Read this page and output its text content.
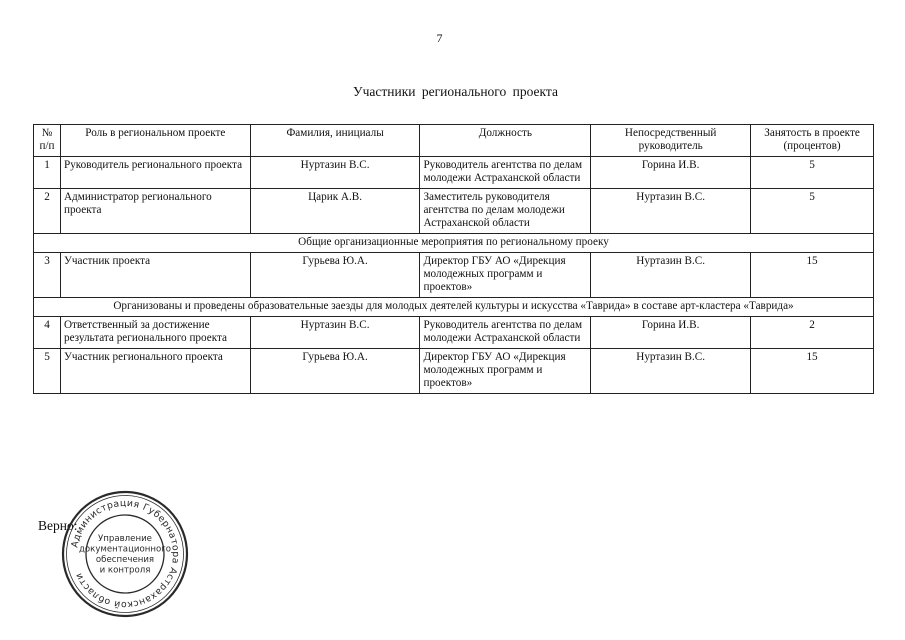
7
Участники регионального проекта
№ п/п	Роль в региональном проекте	Фамилия, инициалы	Должность	Непосредственный руководитель	Занятость в проекте (процентов)
1	Руководитель регионального проекта	Нуртазин В.С.	Руководитель агентства по делам молодежи Астраханской области	Горина И.В.	5
2	Администратор регионального проекта	Царик А.В.	Заместитель руководителя агентства по делам молодежи Астраханской области	Нуртазин В.С.	5
Общие организационные мероприятия по региональному проеку					
3	Участник проекта	Гурьева Ю.А.	Директор ГБУ АО «Дирекция молодежных программ и проектов»	Нуртазин В.С.	15
Организованы и проведены образовательные заезды для молодых деятелей культуры и искусства «Таврида» в составе арт-кластера «Таврида»					
4	Ответственный за достижение результата регионального проекта	Нуртазин В.С.	Руководитель агентства по делам молодежи Астраханской области	Горина И.В.	2
5	Участник регионального проекта	Гурьева Ю.А.	Директор ГБУ АО «Дирекция молодежных программ и проектов»	Нуртазин В.С.	15
Верно:
Администрация Губернатора Астраханской области
Управление
документационного
обеспечения
и контроля
